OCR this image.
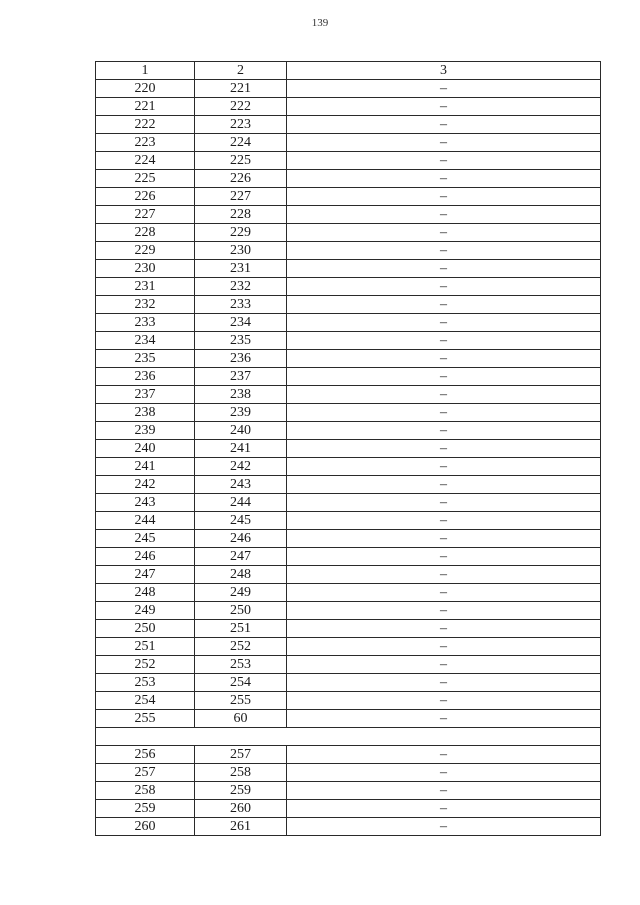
139
1	2	3
220	221	–
221	222	–
222	223	–
223	224	–
224	225	–
225	226	–
226	227	–
227	228	–
228	229	–
229	230	–
230	231	–
231	232	–
232	233	–
233	234	–
234	235	–
235	236	–
236	237	–
237	238	–
238	239	–
239	240	–
240	241	–
241	242	–
242	243	–
243	244	–
244	245	–
245	246	–
246	247	–
247	248	–
248	249	–
249	250	–
250	251	–
251	252	–
252	253	–
253	254	–
254	255	–
255	60	–

256	257	–
257	258	–
258	259	–
259	260	–
260	261	–
